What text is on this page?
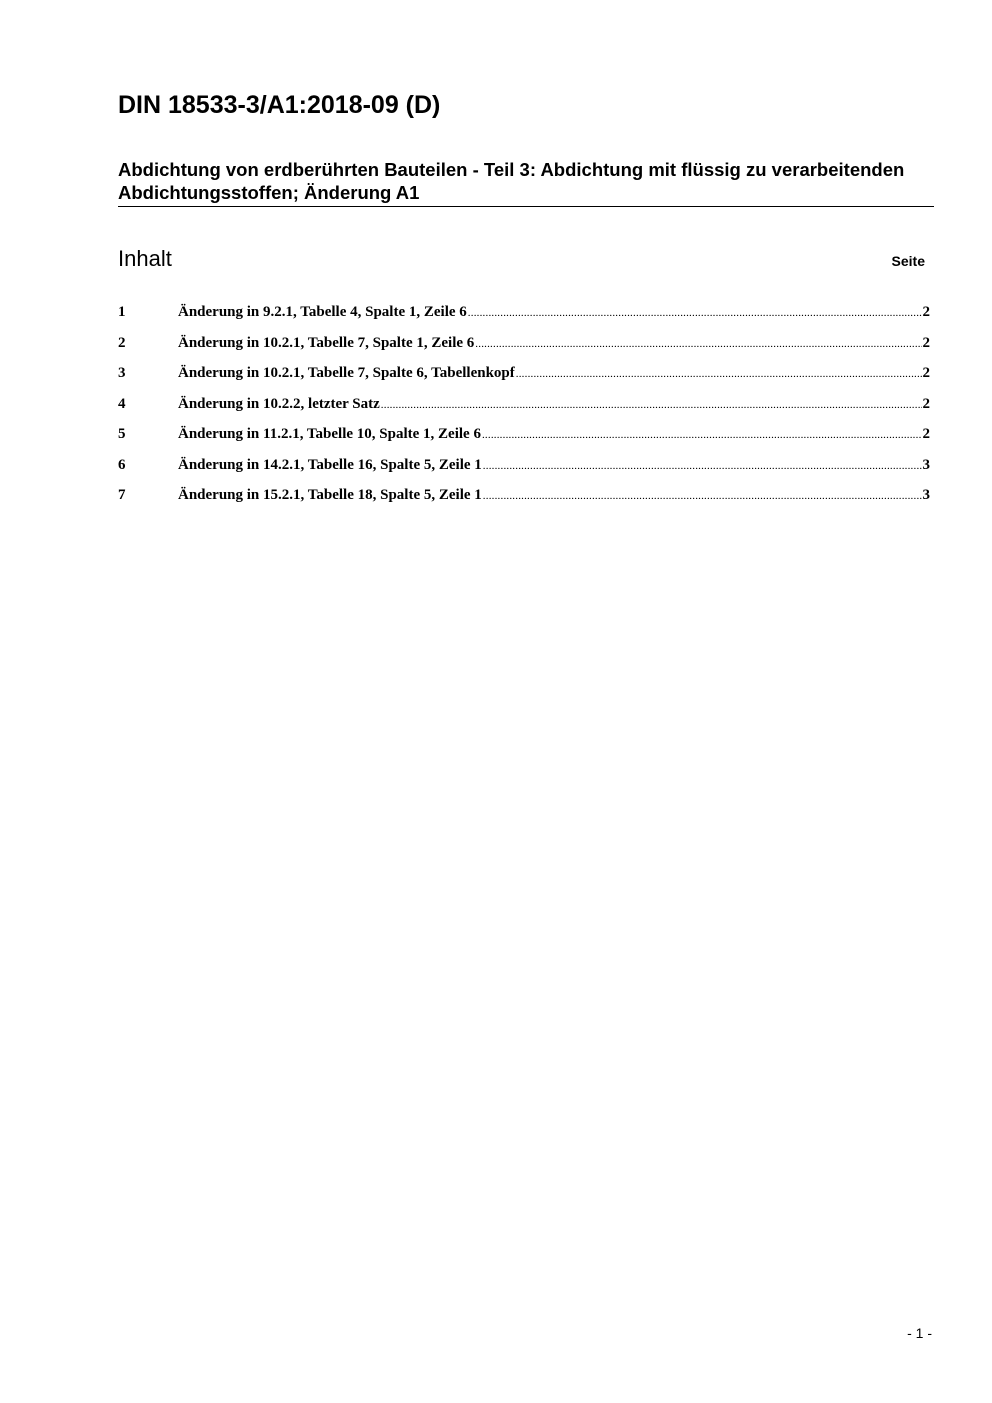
DIN 18533-3/A1:2018-09 (D)
Abdichtung von erdberührten Bauteilen - Teil 3: Abdichtung mit flüssig zu verarbeitenden Abdichtungsstoffen; Änderung A1
Inhalt	Seite
1	Änderung in 9.2.1, Tabelle 4, Spalte 1, Zeile 6 .....	2
2	Änderung in 10.2.1, Tabelle 7, Spalte 1, Zeile 6 .....	2
3	Änderung in 10.2.1, Tabelle 7, Spalte 6, Tabellenkopf .....	2
4	Änderung in 10.2.2, letzter Satz .....	2
5	Änderung in 11.2.1, Tabelle 10, Spalte 1, Zeile 6 .....	2
6	Änderung in 14.2.1, Tabelle 16, Spalte 5, Zeile 1 .....	3
7	Änderung in 15.2.1, Tabelle 18, Spalte 5, Zeile 1 .....	3
- 1 -
